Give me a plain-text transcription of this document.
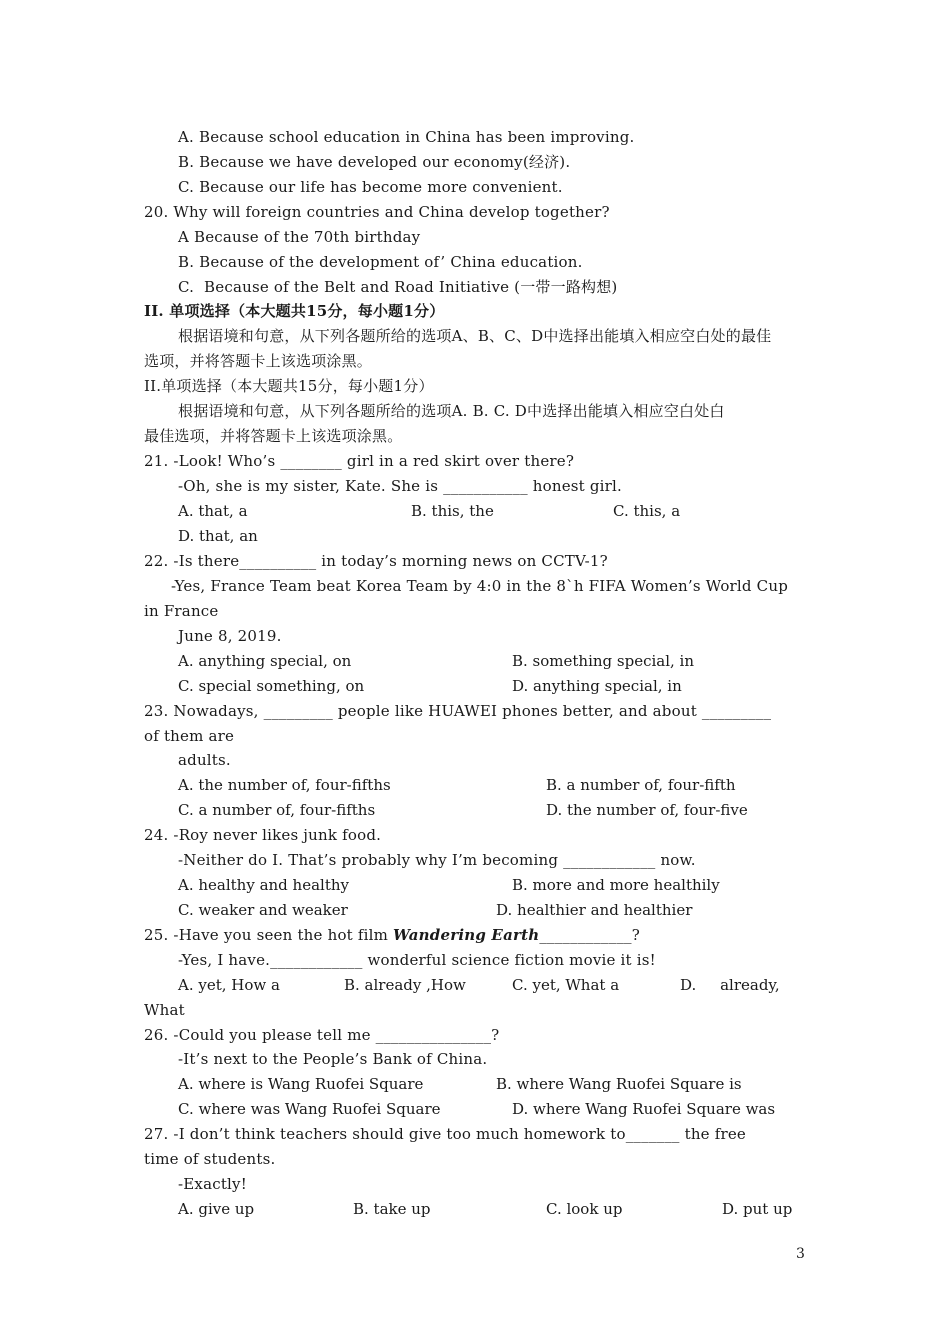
A. Because school education in China has been improving.
B. Because we have developed our economy(经济).
C. Because our life has become more convenient.
20. Why will foreign countries and China develop together?
A Because of the 70th birthday
B. Because of the development of’ China education.
C.  Because of the Belt and Road Initiative (一带一路构想)
II. 单项选择（本大题共15分，每小题1分）
根据语境和句意，从下列各题所给的选项A、B、C、D中选择出能填入相应空白处的最佳
选项，并将答题卡上该选项涂黑。
II.单项选择（本大题共15分，每小题1分）
根据语境和句意，从下列各题所给的选项A. B. C. D中选择出能填入相应空白处白
最佳选项，并将答题卡上该选项涂黑。
21. -Look! Who’s ________ girl in a red skirt over there?
-Oh, she is my sister, Kate. She is ___________ honest girl.
A. that, a	B. this, the	C. this, a
D. that, an
22. -Is there__________ in today’s morning news on CCTV-1?
-Yes, France Team beat Korea Team by 4:0 in the 8`h FIFA Women’s World Cup
in France
June 8, 2019.
A. anything special, on	B. something special, in
C. special something, on	D. anything special, in
23. Nowadays, _________ people like HUAWEI phones better, and about _________
of them are
adults.
A. the number of, four-fifths	B. a number of, four-fifth
C. a number of, four-fifths	D. the number of, four-five
24. -Roy never likes junk food.
-Neither do I. That’s probably why I’m becoming ____________ now.
A. healthy and healthy	B. more and more healthily
C. weaker and weaker	D. healthier and healthier
25. -Have you seen the hot film Wandering Earth____________?
-Yes, I have.____________ wonderful science fiction movie it is!
A. yet, How a	B. already ,How	C. yet, What a	D.     already,
What
26. -Could you please tell me _______________?
-It’s next to the People’s Bank of China.
A. where is Wang Ruofei Square	B. where Wang Ruofei Square is
C. where was Wang Ruofei Square	D. where Wang Ruofei Square was
27. -I don’t think teachers should give too much homework to_______ the free
time of students.
-Exactly!
A. give up	B. take up	C. look up	D. put up
3
